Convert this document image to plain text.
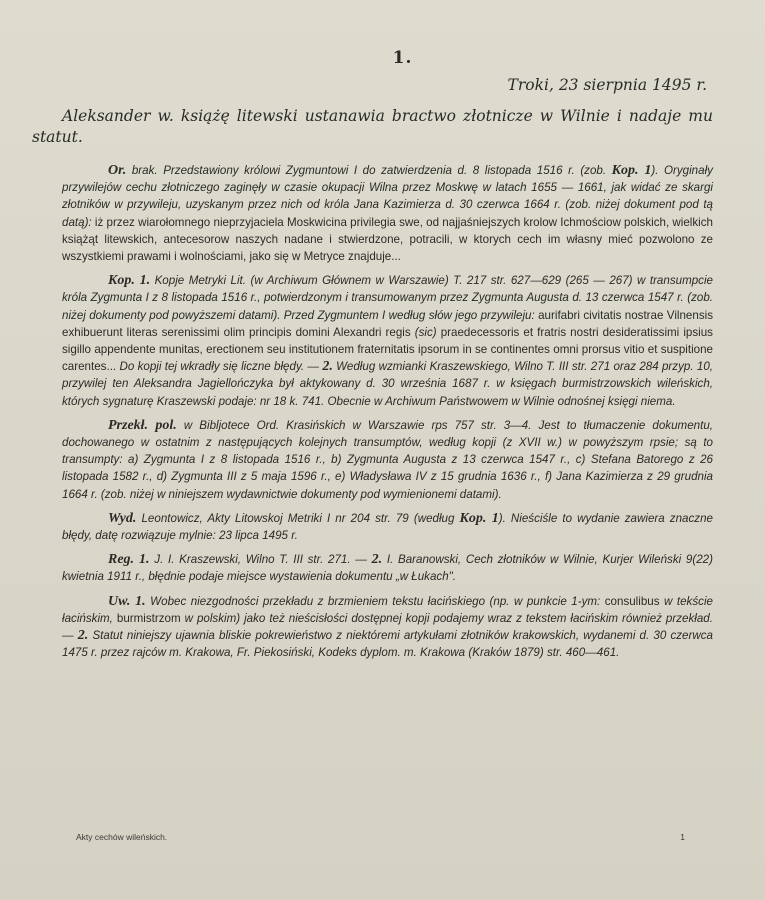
1.
Troki, 23 sierpnia 1495 r.

Aleksander w. książę litewski ustanawia bractwo złotnicze w Wilnie i nadaje mu statut.

Or. brak. Przedstawiony królowi Zygmuntowi I do zatwierdzenia d. 8 listopada 1516 r. (zob. Kop. 1). Oryginały przywilejów cechu złotniczego zaginęły w czasie okupacji Wilna przez Moskwę w latach 1655 — 1661, jak widać ze skargi złotników w przywileju, uzyskanym przez nich od króla Jana Kazimierza d. 30 czerwca 1664 r. (zob. niżej dokument pod tą datą): iż przez wiarołomnego nieprzyjaciela Moskwicina privilegia swe, od najjaśniejszych krolow Ichmościow polskich, wielkich książąt litewskich, antecesorow naszych nadane i stwierdzone, potracili, w ktorych cech im własny mieć pozwolono ze wszystkiemi prawami i wolnościami, jako się w Metryce znajduje...

Kop. 1. Kopje Metryki Lit. (w Archiwum Głównem w Warszawie) T. 217 str. 627—629 (265 — 267) w transumpcie króla Zygmunta I z 8 listopada 1516 r., potwierdzonym i transumowanym przez Zygmunta Augusta d. 13 czerwca 1547 r. (zob. niżej dokumenty pod powyższemi datami). Przed Zygmuntem I według słów jego przywileju: aurifabri civitatis nostrae Vilnensis exhibuerunt literas serenissimi olim principis domini Alexandri regis (sic) praedecessoris et fratris nostri desideratissimi ipsius sigillo appendente munitas, erectionem seu institutionem fraternitatis ipsorum in se continentes omni prorsus vitio et suspitione carentes... Do kopji tej wkradły się liczne błędy. — 2. Według wzmianki Kraszewskiego, Wilno T. III str. 271 oraz 284 przyp. 10, przywilej ten Aleksandra Jagiellończyka był aktykowany d. 30 września 1687 r. w księgach burmistrzowskich wileńskich, których sygnaturę Kraszewski podaje: nr 18 k. 741. Obecnie w Archiwum Państwowem w Wilnie odnośnej księgi niema.

Przekł. pol. w Bibljotece Ord. Krasińskich w Warszawie rps 757 str. 3—4. Jest to tłumaczenie dokumentu, dochowanego w ostatnim z następujących kolejnych transumptów, według kopji (z XVII w.) w powyższym rpsie; są to transumpty: a) Zygmunta I z 8 listopada 1516 r., b) Zygmunta Augusta z 13 czerwca 1547 r., c) Stefana Batorego z 26 listopada 1582 r., d) Zygmunta III z 5 maja 1596 r., e) Władysława IV z 15 grudnia 1636 r., f) Jana Kazimierza z 29 grudnia 1664 r. (zob. niżej w niniejszem wydawnictwie dokumenty pod wymienionemi datami).

Wyd. Leontowicz, Akty Litowskoj Metriki I nr 204 str. 79 (według Kop. 1). Nieściśle to wydanie zawiera znaczne błędy, datę rozwiązuje mylnie: 23 lipca 1495 r.

Reg. 1. J. I. Kraszewski, Wilno T. III str. 271. — 2. I. Baranowski, Cech złotników w Wilnie, Kurjer Wileński 9(22) kwietnia 1911 r., błędnie podaje miejsce wystawienia dokumentu „w Łukach".

Uw. 1. Wobec niezgodności przekładu z brzmieniem tekstu łacińskiego (np. w punkcie 1-ym: consulibus w tekście łacińskim, burmistrzom w polskim) jako też nieścisłości dostępnej kopji podajemy wraz z tekstem łacińskim również przekład. — 2. Statut niniejszy ujawnia bliskie pokrewieństwo z niektóremi artykułami złotników krakowskich, wydanemi d. 30 czerwca 1475 r. przez rajców m. Krakowa, Fr. Piekosiński, Kodeks dyplom. m. Krakowa (Kraków 1879) str. 460—461.

Akty cechów wileńskich.	1
